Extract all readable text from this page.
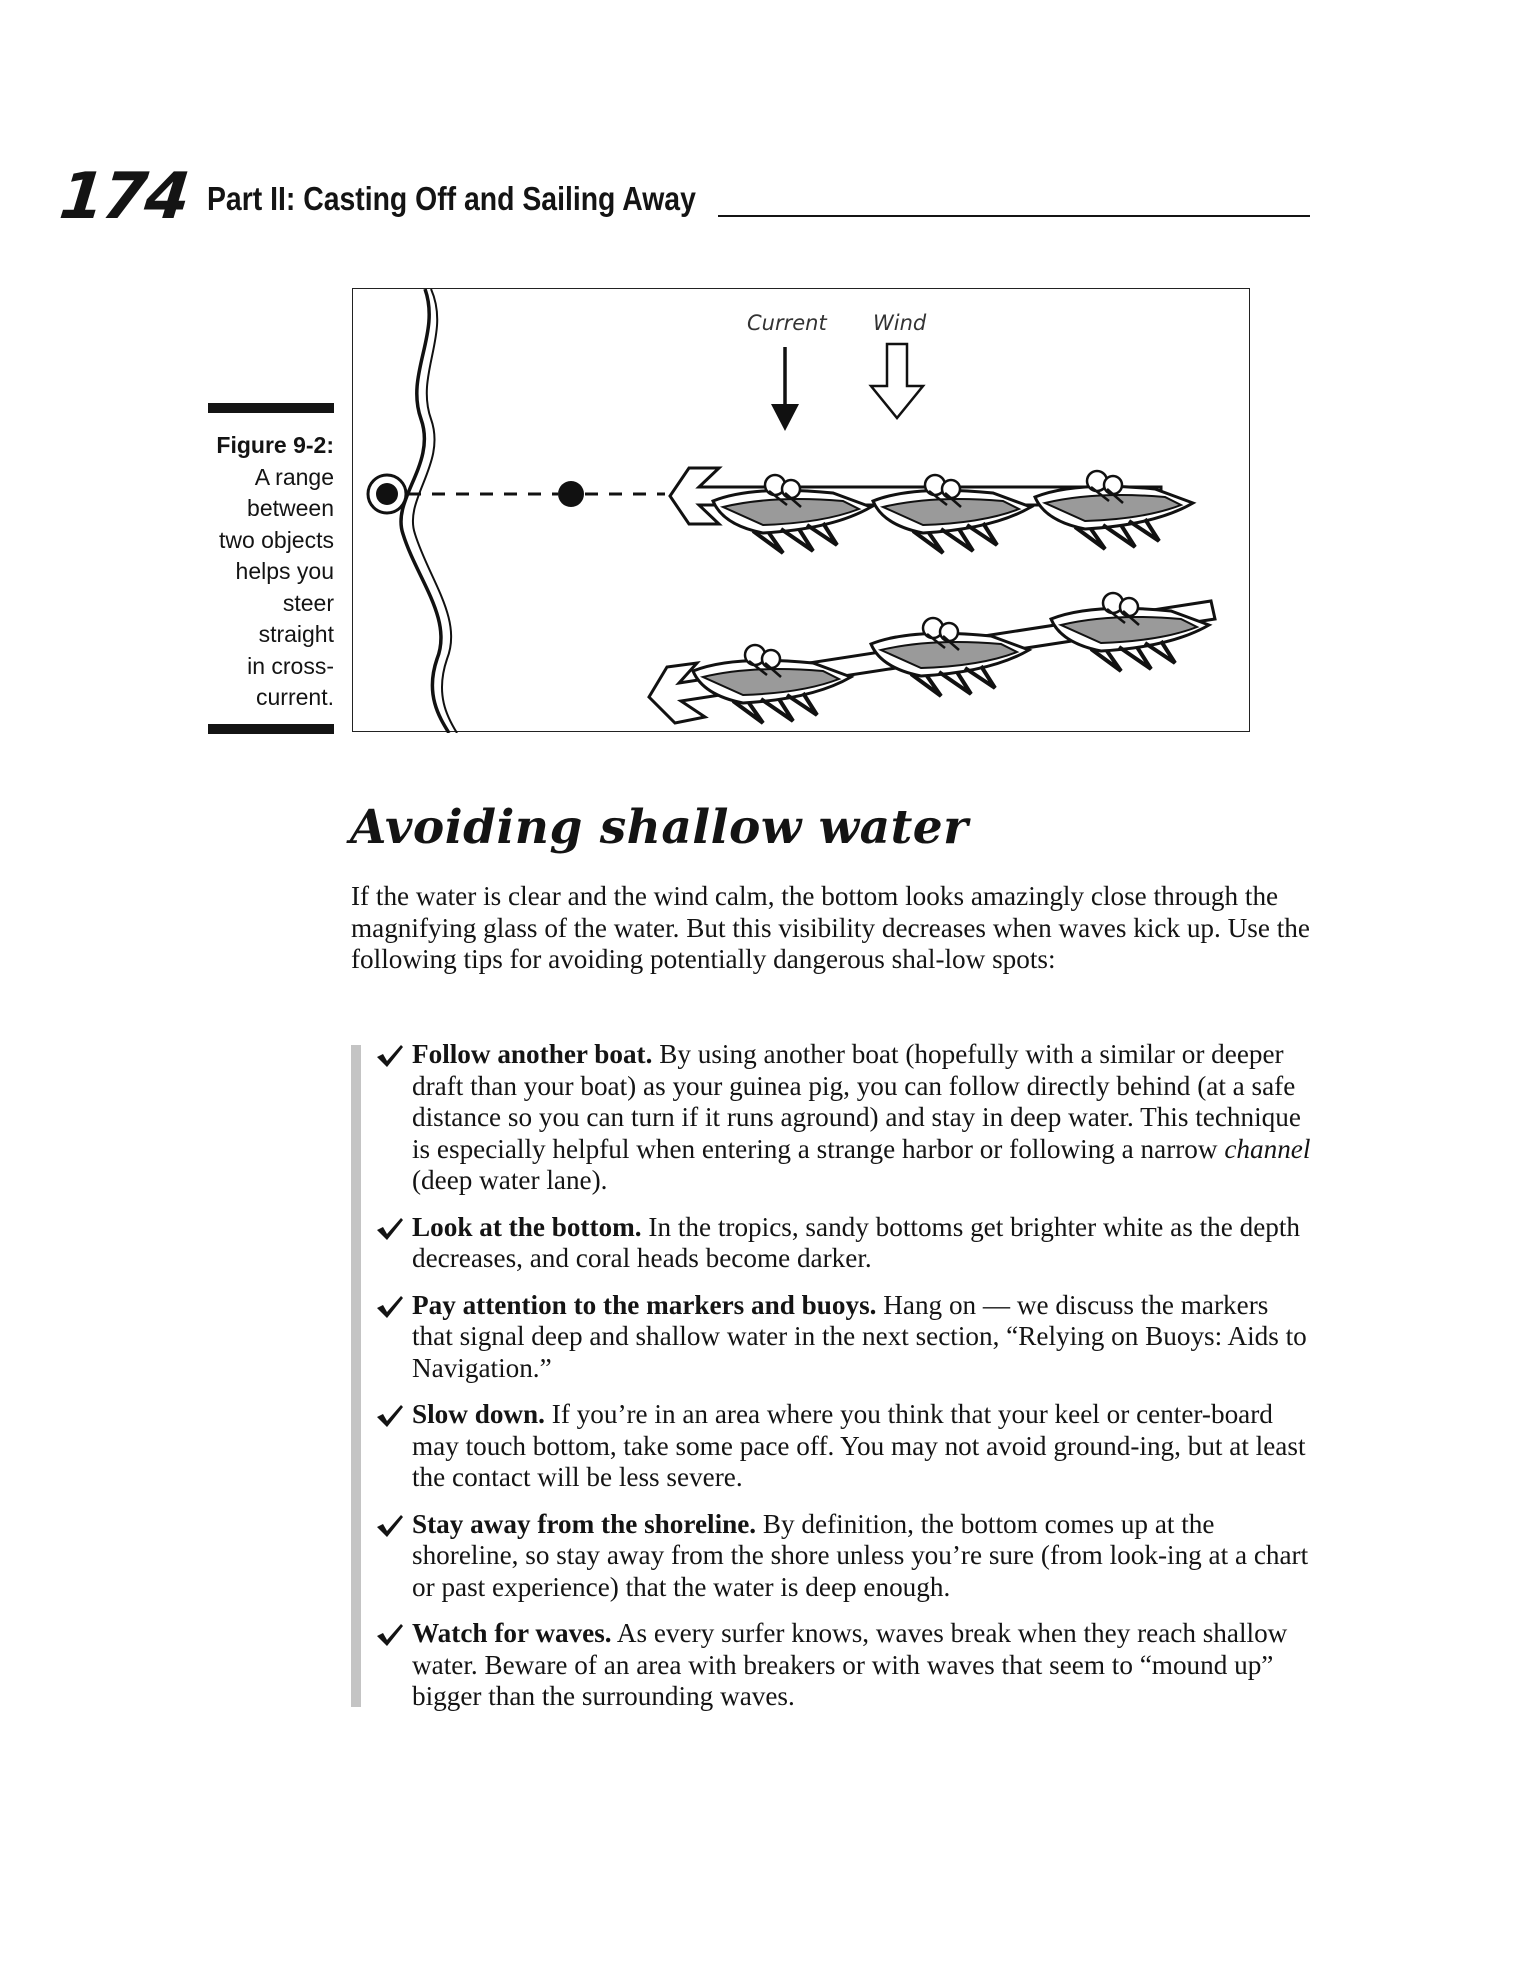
174 Part II: Casting Off and Sailing Away
Figure 9-2:
A range
between
two objects
helps you
steer
straight
in cross-
current.
Current Wind
Avoiding shallow water

If the water is clear and the wind calm, the bottom looks amazingly close through the magnifying glass of the water. But this visibility decreases when waves kick up. Use the following tips for avoiding potentially dangerous shal-low spots:

Follow another boat. By using another boat (hopefully with a similar or deeper draft than your boat) as your guinea pig, you can follow directly behind (at a safe distance so you can turn if it runs aground) and stay in deep water. This technique is especially helpful when entering a strange harbor or following a narrow channel (deep water lane).
Look at the bottom. In the tropics, sandy bottoms get brighter white as the depth decreases, and coral heads become darker.
Pay attention to the markers and buoys. Hang on — we discuss the markers that signal deep and shallow water in the next section, “Relying on Buoys: Aids to Navigation.”
Slow down. If you’re in an area where you think that your keel or center-board may touch bottom, take some pace off. You may not avoid ground-ing, but at least the contact will be less severe.
Stay away from the shoreline. By definition, the bottom comes up at the shoreline, so stay away from the shore unless you’re sure (from look-ing at a chart or past experience) that the water is deep enough.
Watch for waves. As every surfer knows, waves break when they reach shallow water. Beware of an area with breakers or with waves that seem to “mound up” bigger than the surrounding waves.
